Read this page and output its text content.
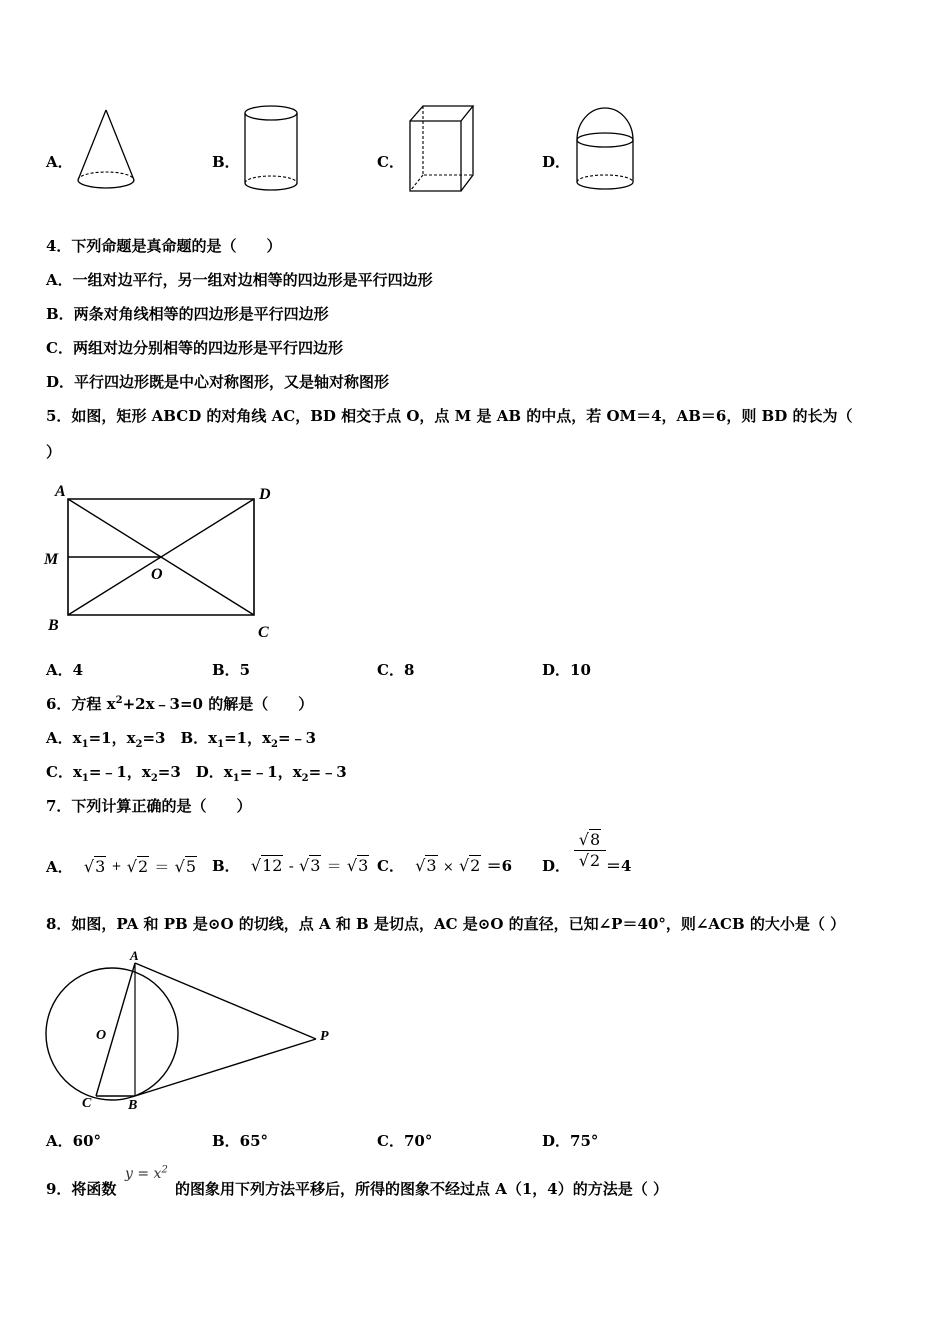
A．	B．	C．	D．
4．下列命题是真命题的是（　　）
A．一组对边平行，另一组对边相等的四边形是平行四边形
B．两条对角线相等的四边形是平行四边形
C．两组对边分别相等的四边形是平行四边形
D．平行四边形既是中心对称图形，又是轴对称图形
5．如图，矩形 ABCD 的对角线 AC，BD 相交于点 O，点 M 是 AB 的中点，若 OM＝4，AB＝6，则 BD 的长为（
）
A	D
M
O
B	C
A．4	B．5	C．8	D．10
6．方程 $x^2+2x﹣3=0$ 的解是（　　）
A．$x_1=1$，$x_2=3$　B．$x_1=1$，$x_2=﹣3$
C．$x_1=﹣1$，$x_2=3$　D．$x_1=﹣1$，$x_2=﹣3$
7．下列计算正确的是（　　）
A． √3 + √2 ＝ √5 B． √12 - √3 ＝ √3 C． √3 × √2 ＝6 D．
√8
√2 ＝4
8．如图，PA 和 PB 是⊙O 的切线，点 A 和 B 是切点，AC 是⊙O 的直径，已知∠P＝40°，则∠ACB 的大小是（ ）
A
O	P
C	B
A．60°	B．65°	C．70°	D．75°
9．将函数
$y = x^2$
的图象用下列方法平移后，所得的图象不经过点 A（1，4）的方法是（ ）
